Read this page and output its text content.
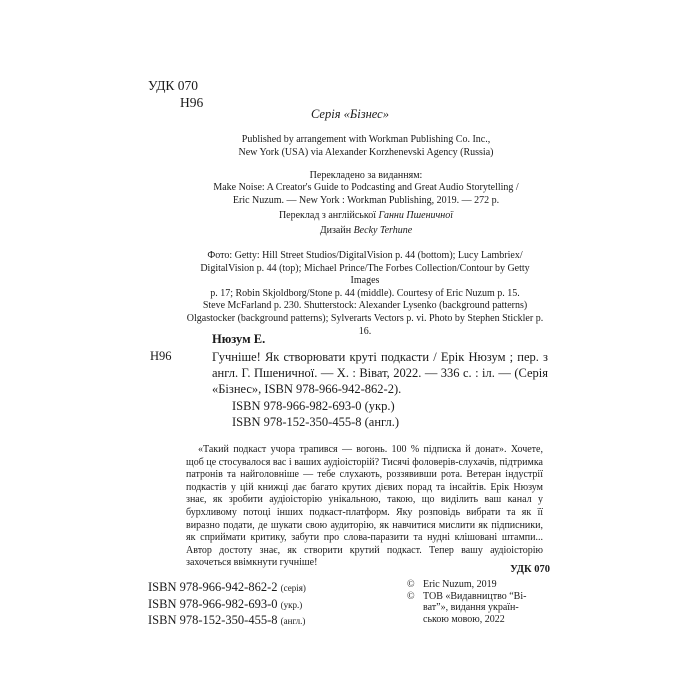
УДК 070
Н96
Серія «Бізнес»
Published by arrangement with Workman Publishing Co. Inc.,
New York (USA) via Alexander Korzhenevski Agency (Russia)
Перекладено за виданням:
Make Noise: A Creator's Guide to Podcasting and Great Audio Storytelling /
Eric Nuzum. — New York : Workman Publishing, 2019. — 272 p.
Переклад з англійської Ганни Пшеничної
Дизайн Becky Terhune
Фото: Getty: Hill Street Studios/DigitalVision p. 44 (bottom); Lucy Lambriex/
DigitalVision p. 44 (top); Michael Prince/The Forbes Collection/Contour by Getty Images
p. 17; Robin Skjoldborg/Stone p. 44 (middle). Courtesy of Eric Nuzum p. 15.
Steve McFarland p. 230. Shutterstock: Alexander Lysenko (background patterns)
Olgastocker (background patterns); Sylverarts Vectors p. vi. Photo by Stephen Stickler p. 16.
Нюзум Е.
Н96	Гучніше! Як створювати круті подкасти / Ерік Нюзум ; пер. з англ. Г. Пшеничної. — Х. : Віват, 2022. — 336 с. : іл. — (Серія «Бізнес», ISBN 978-966-942-862-2).
ISBN 978-966-982-693-0 (укр.)
ISBN 978-152-350-455-8 (англ.)
«Такий подкаст учора трапився — вогонь. 100 % підписка й донат». Хочете, щоб це стосувалося вас і ваших аудіоісторій? Тисячі фоловерів-слухачів, підтримка патронів та найголовніше — тебе слухають, роззявивши рота. Ветеран індустрії подкастів у цій книжці дає багато крутих дієвих порад та інсайтів. Ерік Нюзум знає, як зробити аудіоісторію унікальною, такою, що виділить ваш канал у бурхливому потоці інших подкаст-платформ. Яку розповідь вибрати та як її виразно подати, де шукати свою аудиторію, як навчитися мислити як підписники, як сприймати критику, забути про слова-паразити та нудні клішовані штампи... Автор достоту знає, як створити крутий подкаст. Тепер вашу аудіоісторію захочеться ввімкнути гучніше!
УДК 070
ISBN 978-966-942-862-2 (серія)
ISBN 978-966-982-693-0 (укр.)
ISBN 978-152-350-455-8 (англ.)
© Eric Nuzum, 2019
© ТОВ «Видавництво “Ві-
ват”», видання україн-
ською мовою, 2022
